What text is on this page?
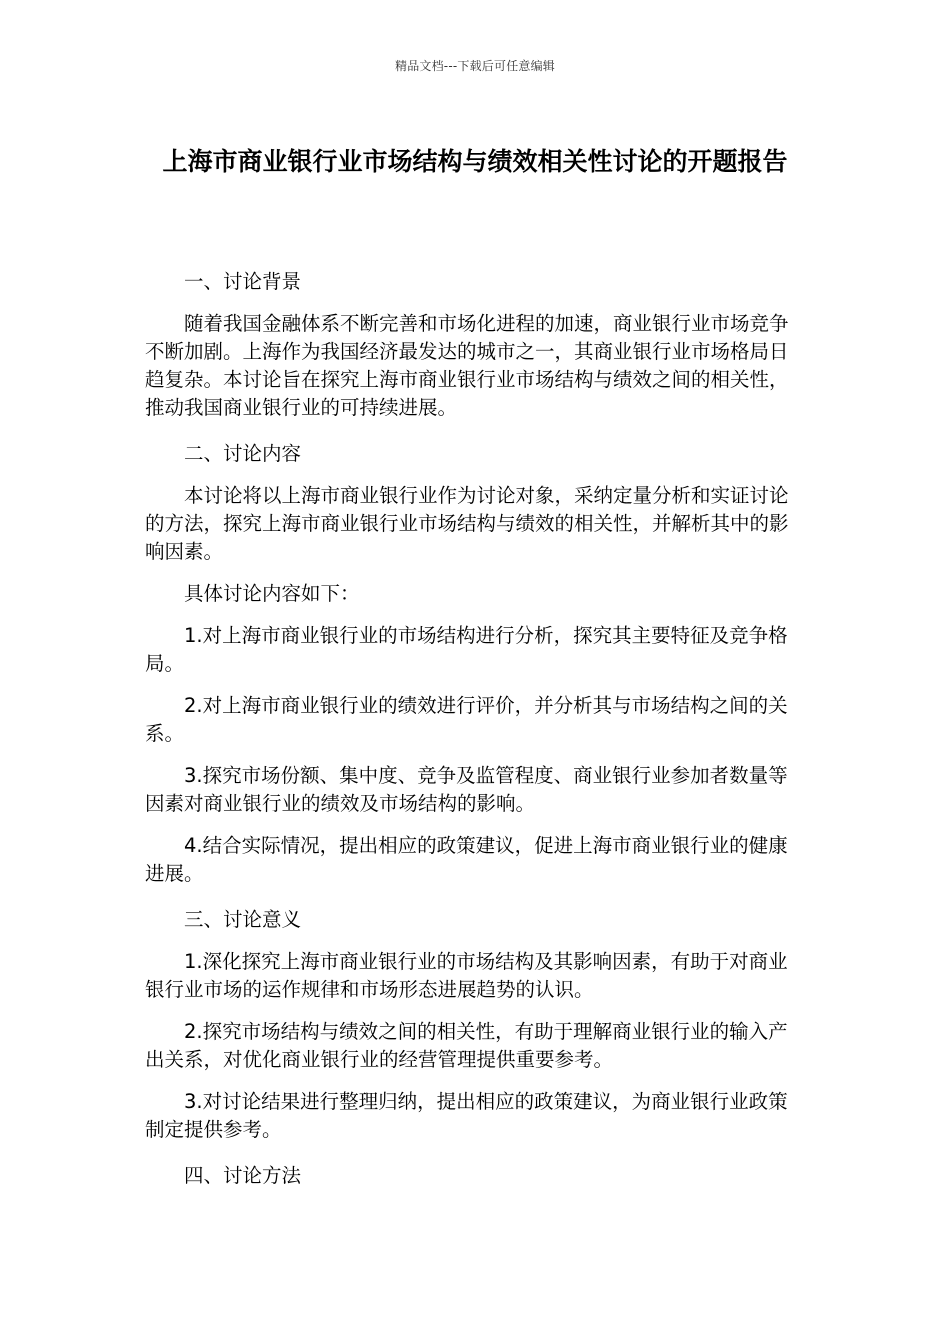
精品文档---下载后可任意编辑
上海市商业银行业市场结构与绩效相关性讨论的开题报告

一、讨论背景

随着我国金融体系不断完善和市场化进程的加速，商业银行业市场竞争不断加剧。上海作为我国经济最发达的城市之一，其商业银行业市场格局日趋复杂。本讨论旨在探究上海市商业银行业市场结构与绩效之间的相关性，推动我国商业银行业的可持续进展。

二、讨论内容

本讨论将以上海市商业银行业作为讨论对象，采纳定量分析和实证讨论的方法，探究上海市商业银行业市场结构与绩效的相关性，并解析其中的影响因素。

具体讨论内容如下：

1.对上海市商业银行业的市场结构进行分析，探究其主要特征及竞争格局。

2.对上海市商业银行业的绩效进行评价，并分析其与市场结构之间的关系。

3.探究市场份额、集中度、竞争及监管程度、商业银行业参加者数量等因素对商业银行业的绩效及市场结构的影响。

4.结合实际情况，提出相应的政策建议，促进上海市商业银行业的健康进展。

三、讨论意义

1.深化探究上海市商业银行业的市场结构及其影响因素，有助于对商业银行业市场的运作规律和市场形态进展趋势的认识。

2.探究市场结构与绩效之间的相关性，有助于理解商业银行业的输入产出关系，对优化商业银行业的经营管理提供重要参考。

3.对讨论结果进行整理归纳，提出相应的政策建议，为商业银行业政策制定提供参考。

四、讨论方法
